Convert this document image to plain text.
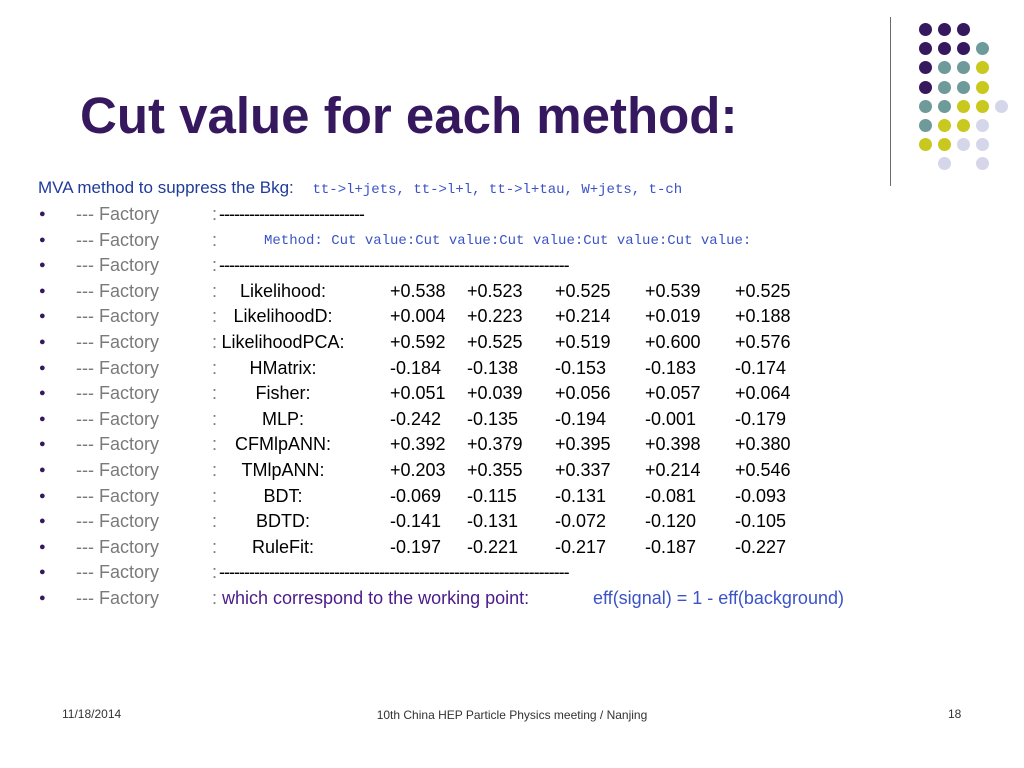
Cut value for each method:
MVA method to suppress the Bkg: tt->l+jets, tt->l+l, tt->l+tau, W+jets, t-ch
● --- Factory	: -----------------------------
● --- Factory	:	Method: Cut value:Cut value:Cut value:Cut value:Cut value:
● --- Factory	: ----------------------------------------------------------------------
● --- Factory	:	Likelihood:	+0.538 +0.523 +0.525 +0.539 +0.525
● --- Factory	: LikelihoodD:	+0.004 +0.223 +0.214 +0.019 +0.188
● --- Factory	: LikelihoodPCA:	+0.592 +0.525 +0.519 +0.600 +0.576
● --- Factory	:	HMatrix:	-0.184 -0.138 -0.153 -0.183 -0.174
● --- Factory	:	Fisher:	+0.051 +0.039 +0.056 +0.057 +0.064
● --- Factory	:	MLP:	-0.242 -0.135 -0.194 -0.001 -0.179
● --- Factory	: CFMlpANN:	+0.392 +0.379 +0.395 +0.398 +0.380
● --- Factory	:	TMlpANN:	+0.203 +0.355 +0.337 +0.214 +0.546
● --- Factory	:	BDT:	-0.069 -0.115 -0.131 -0.081 -0.093
● --- Factory	:	BDTD:	-0.141 -0.131 -0.072 -0.120 -0.105
● --- Factory	:	RuleFit:	-0.197 -0.221 -0.217 -0.187 -0.227
● --- Factory	: ----------------------------------------------------------------------
● --- Factory	: which correspond to the working point:	eff(signal) = 1 - eff(background)
11/18/2014	10th China HEP Particle Physics meeting / Nanjing	18
